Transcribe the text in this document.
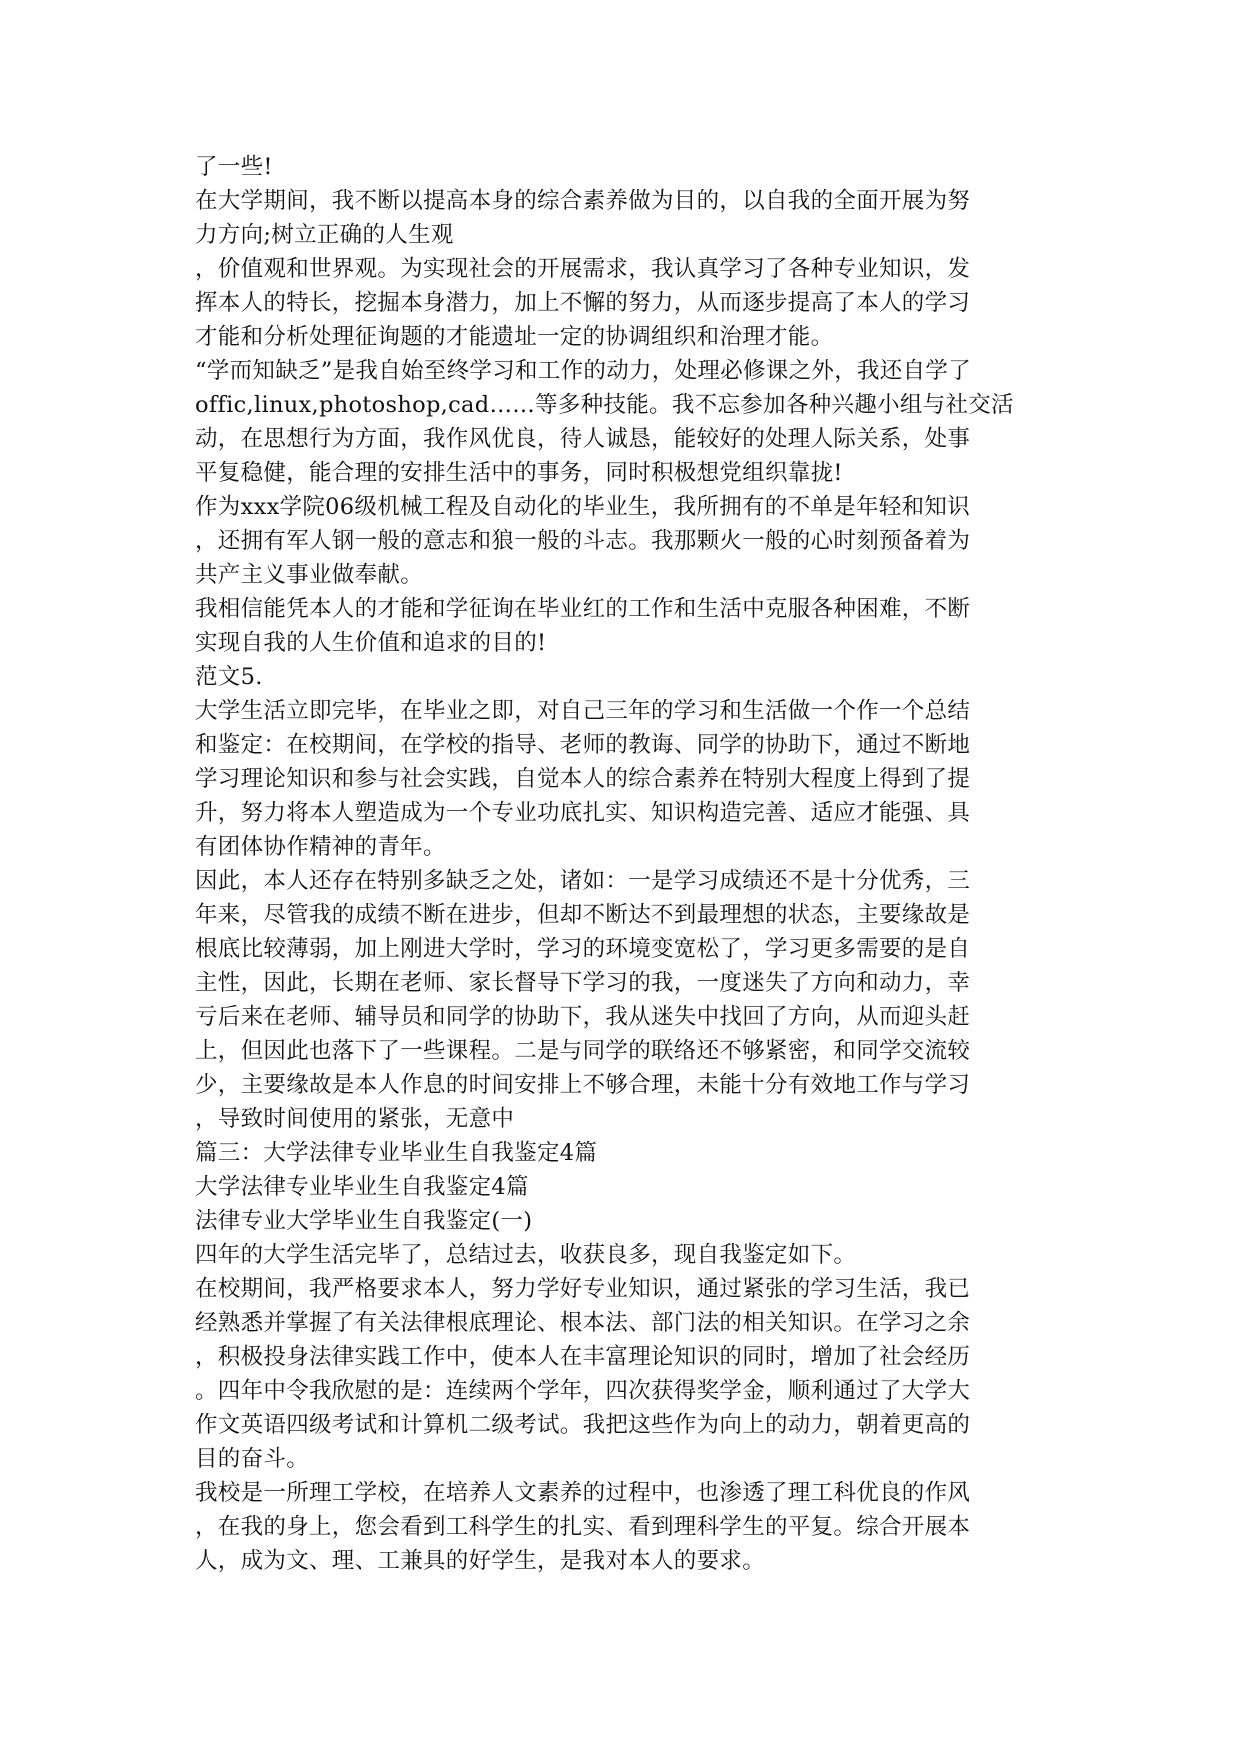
了一些!
在大学期间，我不断以提高本身的综合素养做为目的，以自我的全面开展为努
力方向;树立正确的人生观
，价值观和世界观。为实现社会的开展需求，我认真学习了各种专业知识，发
挥本人的特长，挖掘本身潜力，加上不懈的努力，从而逐步提高了本人的学习
才能和分析处理征询题的才能遗址一定的协调组织和治理才能。
“学而知缺乏”是我自始至终学习和工作的动力，处理必修课之外，我还自学了
offic,linux,photoshop,cad……等多种技能。我不忘参加各种兴趣小组与社交活
动，在思想行为方面，我作风优良，待人诚恳，能较好的处理人际关系，处事
平复稳健，能合理的安排生活中的事务，同时积极想党组织靠拢!
作为xxx学院06级机械工程及自动化的毕业生，我所拥有的不单是年轻和知识
，还拥有军人钢一般的意志和狼一般的斗志。我那颗火一般的心时刻预备着为
共产主义事业做奉献。
我相信能凭本人的才能和学征询在毕业红的工作和生活中克服各种困难，不断
实现自我的人生价值和追求的目的!
范文5.
大学生活立即完毕，在毕业之即，对自己三年的学习和生活做一个作一个总结
和鉴定：在校期间，在学校的指导、老师的教诲、同学的协助下，通过不断地
学习理论知识和参与社会实践，自觉本人的综合素养在特别大程度上得到了提
升，努力将本人塑造成为一个专业功底扎实、知识构造完善、适应才能强、具
有团体协作精神的青年。
因此，本人还存在特别多缺乏之处，诸如：一是学习成绩还不是十分优秀，三
年来，尽管我的成绩不断在进步，但却不断达不到最理想的状态，主要缘故是
根底比较薄弱，加上刚进大学时，学习的环境变宽松了，学习更多需要的是自
主性，因此，长期在老师、家长督导下学习的我，一度迷失了方向和动力，幸
亏后来在老师、辅导员和同学的协助下，我从迷失中找回了方向，从而迎头赶
上，但因此也落下了一些课程。二是与同学的联络还不够紧密，和同学交流较
少，主要缘故是本人作息的时间安排上不够合理，未能十分有效地工作与学习
，导致时间使用的紧张，无意中
篇三：大学法律专业毕业生自我鉴定4篇
大学法律专业毕业生自我鉴定4篇
法律专业大学毕业生自我鉴定(一)
四年的大学生活完毕了，总结过去，收获良多，现自我鉴定如下。
在校期间，我严格要求本人，努力学好专业知识，通过紧张的学习生活，我已
经熟悉并掌握了有关法律根底理论、根本法、部门法的相关知识。在学习之余
，积极投身法律实践工作中，使本人在丰富理论知识的同时，增加了社会经历
。四年中令我欣慰的是：连续两个学年，四次获得奖学金，顺利通过了大学大
作文英语四级考试和计算机二级考试。我把这些作为向上的动力，朝着更高的
目的奋斗。
我校是一所理工学校，在培养人文素养的过程中，也渗透了理工科优良的作风
，在我的身上，您会看到工科学生的扎实、看到理科学生的平复。综合开展本
人，成为文、理、工兼具的好学生，是我对本人的要求。
